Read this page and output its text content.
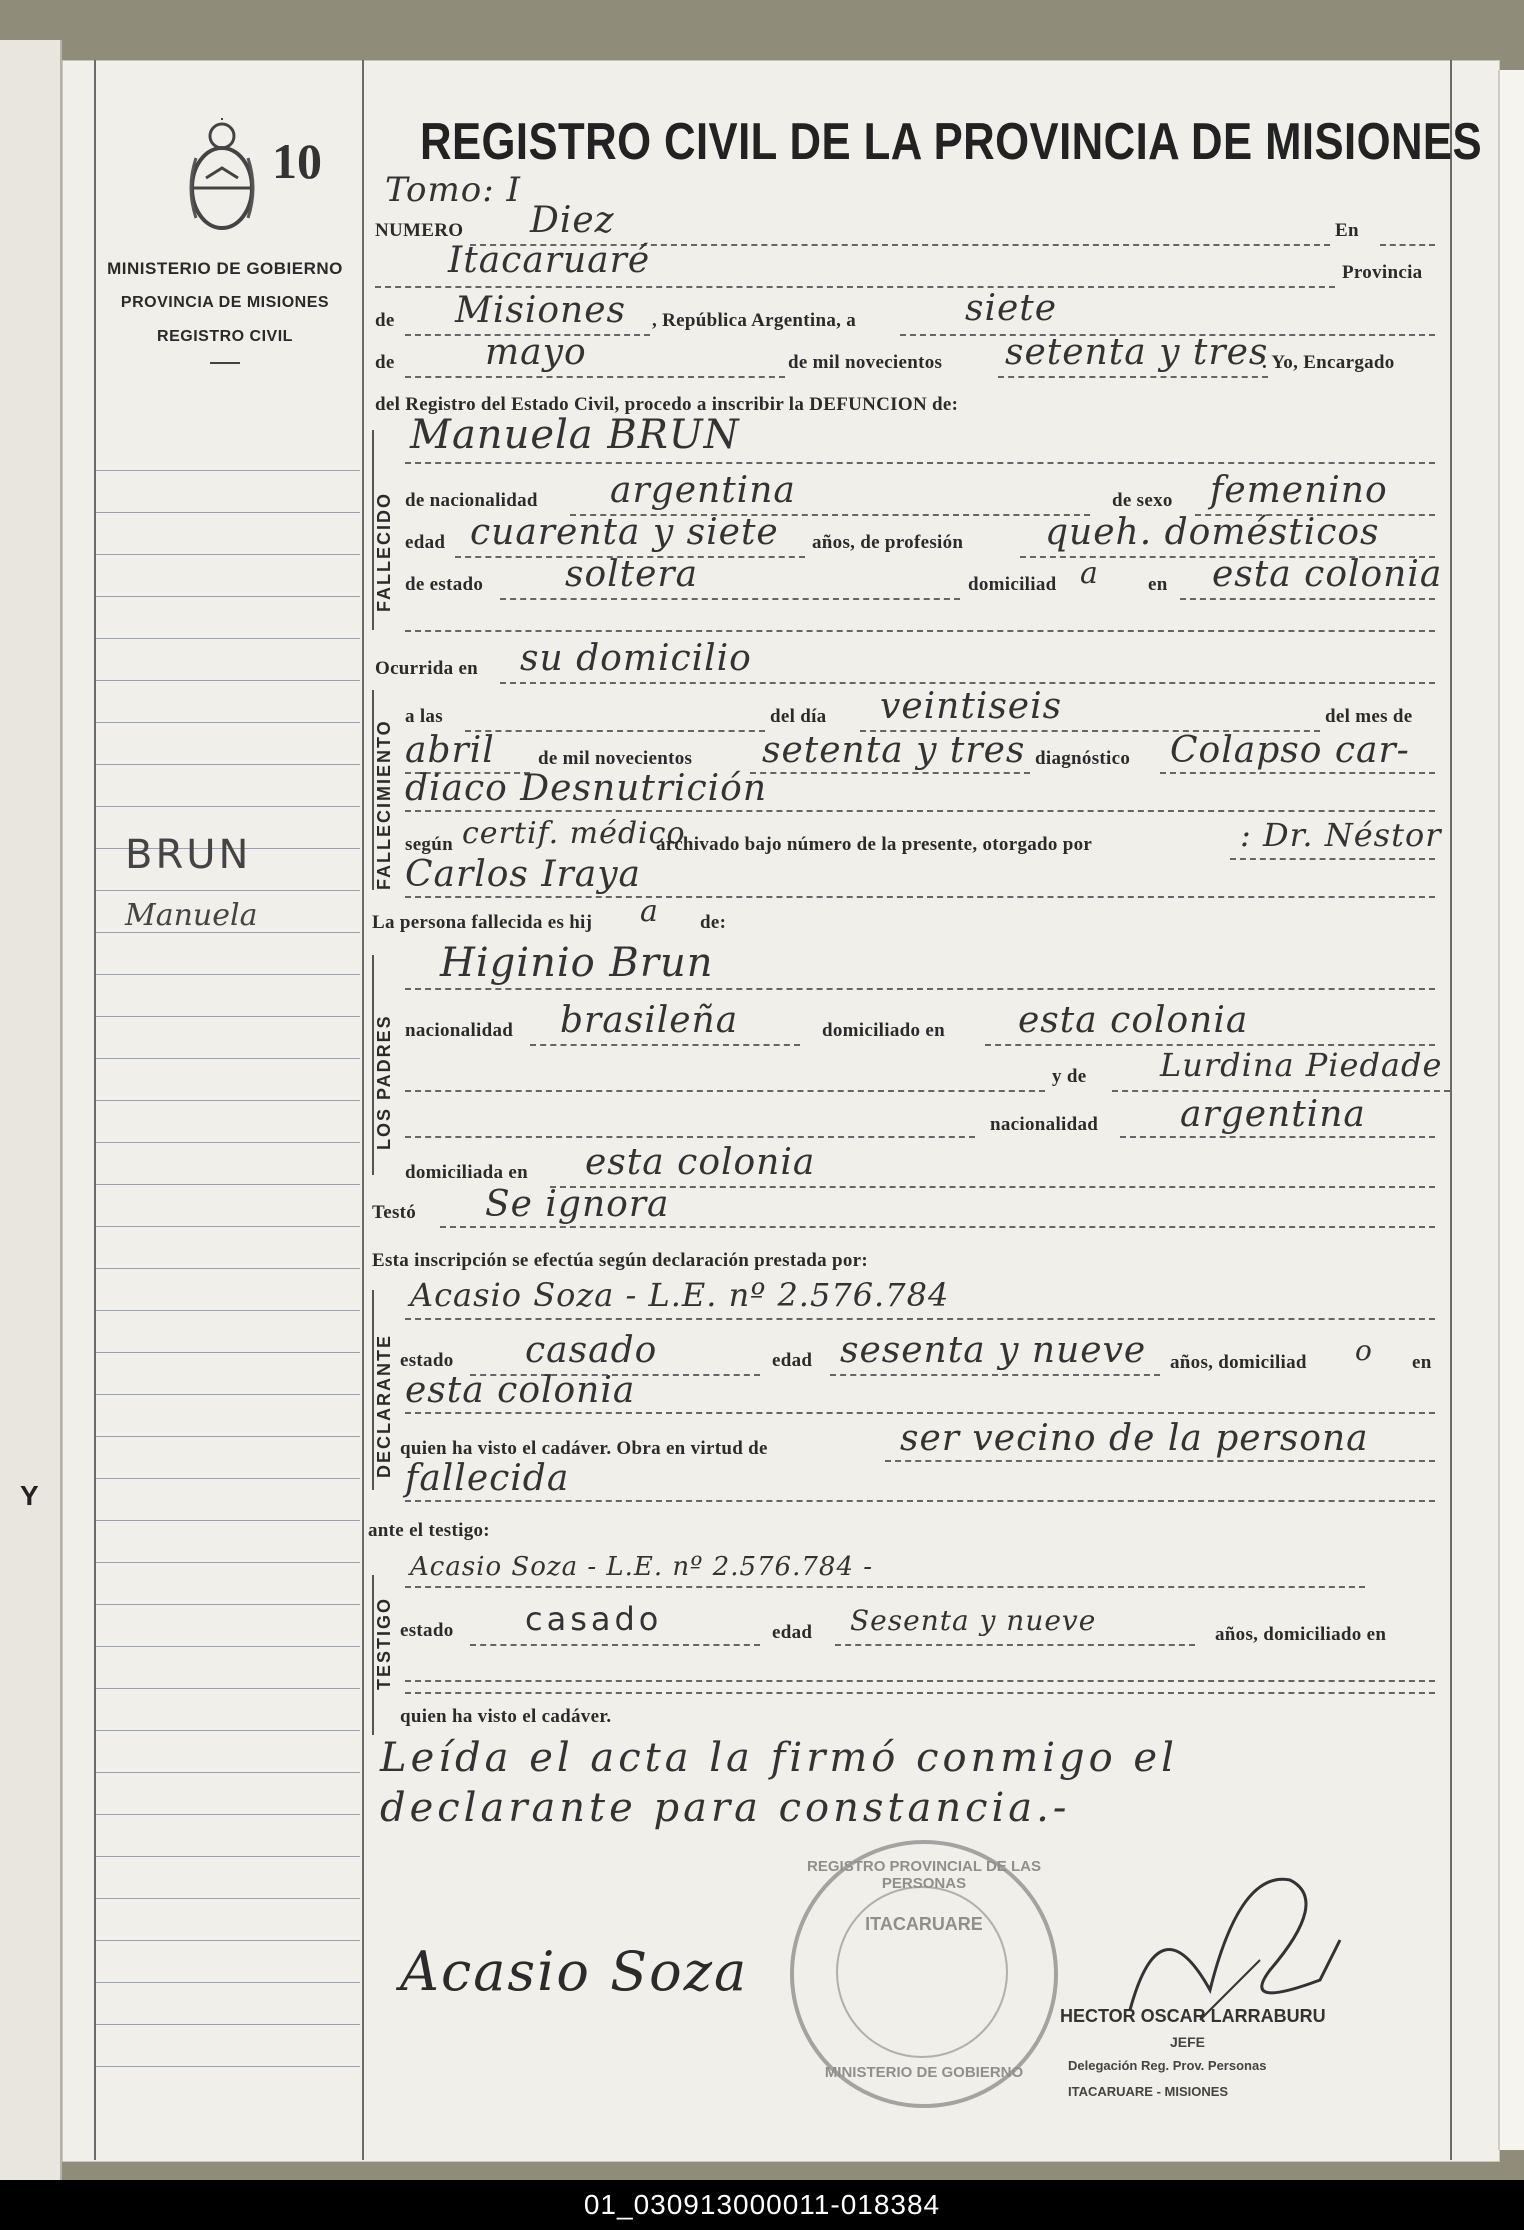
10
MINISTERIO DE GOBIERNO
PROVINCIA DE MISIONES
REGISTRO CIVIL
REGISTRO CIVIL DE LA PROVINCIA DE MISIONES
BRUN
Manuela
Y
Tomo: I
NUMERO Diez	En
Itacaruaré	Provincia
de Misiones , República Argentina, a	siete
de	mayo	de mil novecientos setenta y tres
. Yo, Encargado
del Registro del Estado Civil, procedo a inscribir la DEFUNCION de:
FALLECIDO
Manuela BRUN
de nacionalidad argentina	de sexo femenino
edad cuarenta y siete años, de profesión queh. domésticos
de estado soltera	domiciliad a	en esta colonia
Ocurrida en su domicilio
FALLECIMIENTO
a las	del día veintiseis	del mes de
abril de mil novecientos setenta y tres diagnóstico Colapso car-
diaco Desnutrición
según certif. médico
archivado bajo número de la presente, otorgado por	: Dr. Néstor
Carlos Iraya
La persona fallecida es hij a de:
LOS PADRES
Higinio Brun
nacionalidad brasileña	domiciliado en esta colonia
y de Lurdina Piedade
nacionalidad argentina
domiciliada en esta colonia
Testó Se ignora
Esta inscripción se efectúa según declaración prestada por:
DECLARANTE
Acasio Soza - L.E. nº 2.576.784
estado casado	edad sesenta y nueve años, domiciliad o en
esta colonia
quien ha visto el cadáver. Obra en virtud de	ser vecino de la persona
fallecida
ante el testigo:
TESTIGO
Acasio Soza - L.E. nº 2.576.784 -
estado casado	edad Sesenta y nueve	años, domiciliado en
quien ha visto el cadáver.
Leída el acta la firmó conmigo el
declarante para constancia.-
REGISTRO PROVINCIAL DE LAS PERSONAS
ITACARUARE
MINISTERIO DE GOBIERNO
Acasio Soza
HECTOR OSCAR LARRABURU
JEFE
Delegación Reg. Prov. Personas
ITACARUARE - MISIONES
01_030913000011-018384
